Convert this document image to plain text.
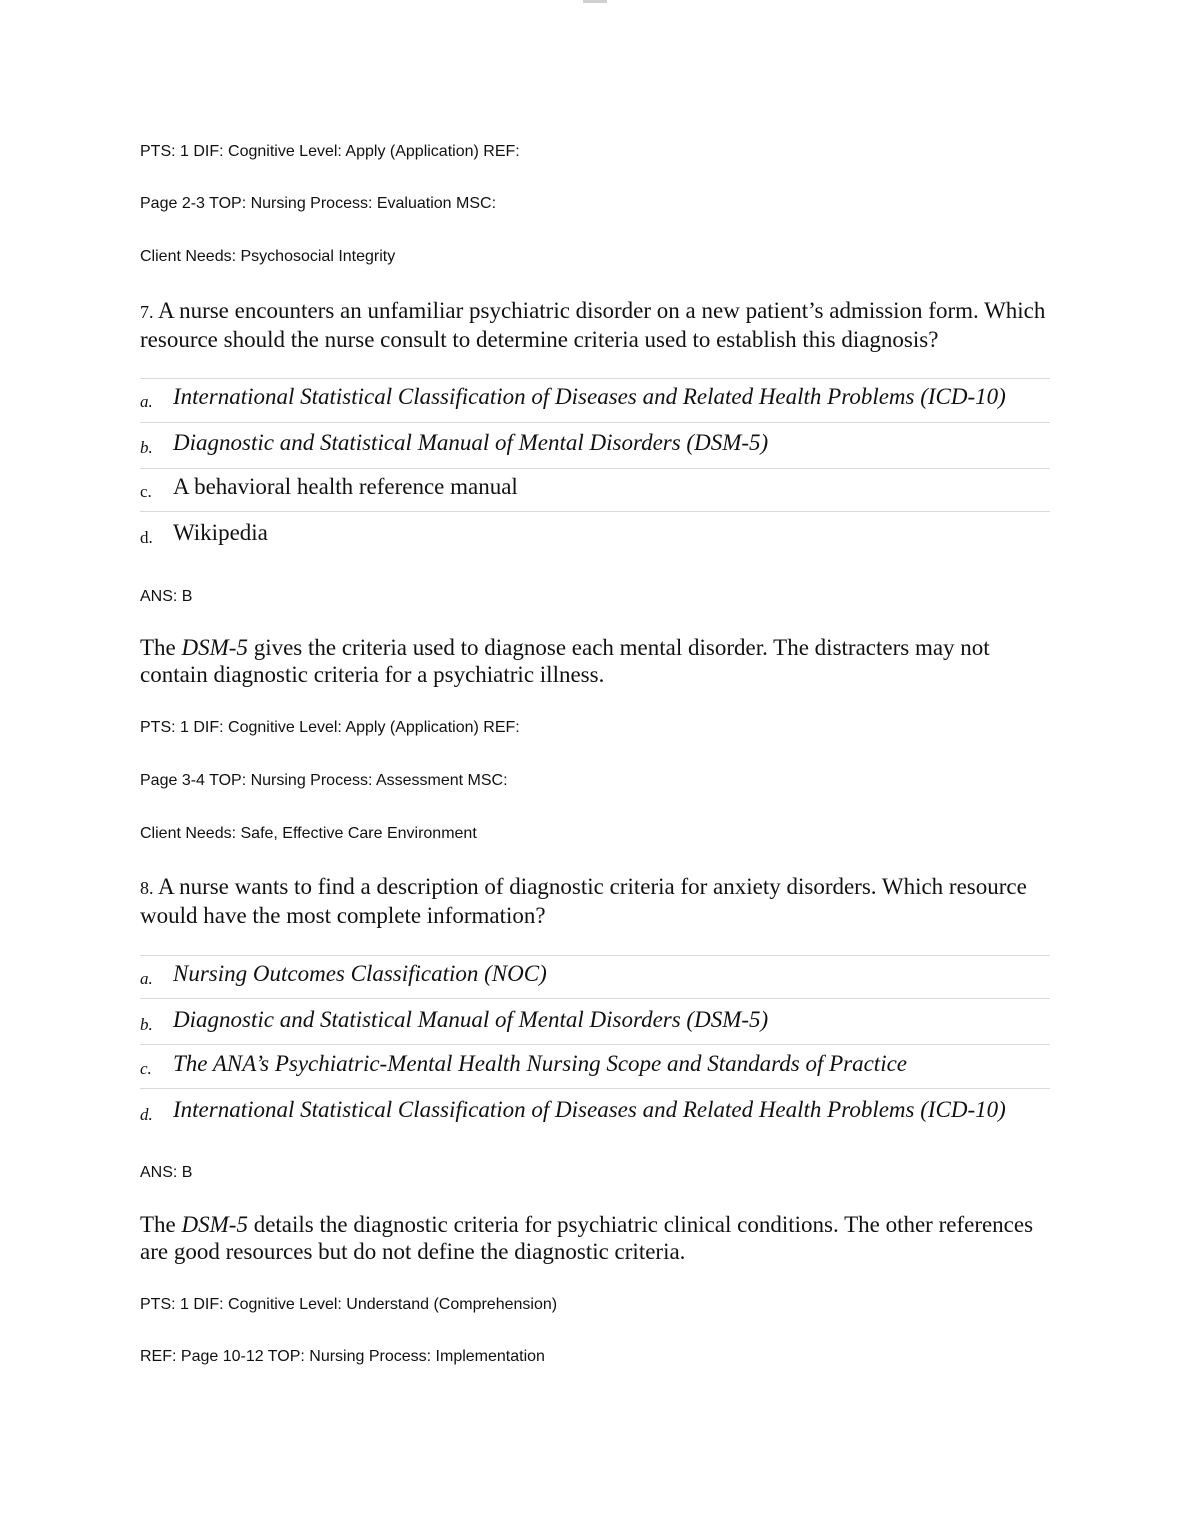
PTS: 1 DIF: Cognitive Level: Apply (Application) REF:
Page 2-3 TOP: Nursing Process: Evaluation MSC:
Client Needs: Psychosocial Integrity
7. A nurse encounters an unfamiliar psychiatric disorder on a new patient’s admission form. Which resource should the nurse consult to determine criteria used to establish this diagnosis?
a. International Statistical Classification of Diseases and Related Health Problems (ICD-10)
b. Diagnostic and Statistical Manual of Mental Disorders (DSM-5)
c. A behavioral health reference manual
d. Wikipedia
ANS: B
The DSM-5 gives the criteria used to diagnose each mental disorder. The distracters may not contain diagnostic criteria for a psychiatric illness.
PTS: 1 DIF: Cognitive Level: Apply (Application) REF:
Page 3-4 TOP: Nursing Process: Assessment MSC:
Client Needs: Safe, Effective Care Environment
8. A nurse wants to find a description of diagnostic criteria for anxiety disorders. Which resource would have the most complete information?
a. Nursing Outcomes Classification (NOC)
b. Diagnostic and Statistical Manual of Mental Disorders (DSM-5)
c. The ANA’s Psychiatric-Mental Health Nursing Scope and Standards of Practice
d. International Statistical Classification of Diseases and Related Health Problems (ICD-10)
ANS: B
The DSM-5 details the diagnostic criteria for psychiatric clinical conditions. The other references are good resources but do not define the diagnostic criteria.
PTS: 1 DIF: Cognitive Level: Understand (Comprehension)
REF: Page 10-12 TOP: Nursing Process: Implementation
